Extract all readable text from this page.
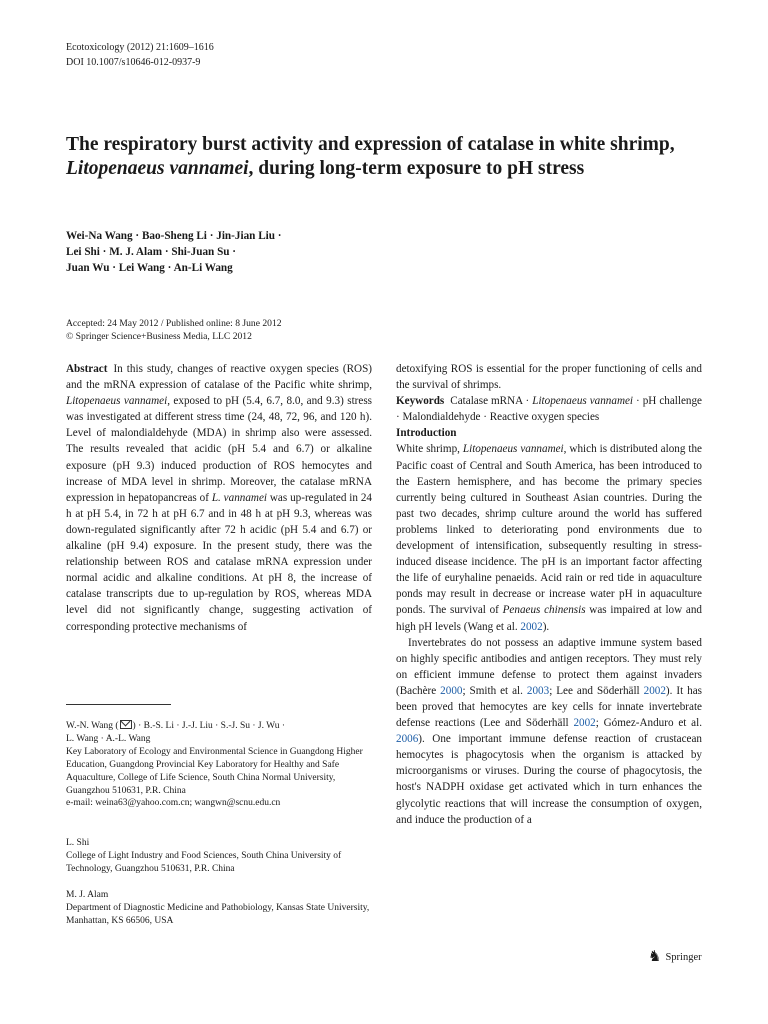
Ecotoxicology (2012) 21:1609–1616
DOI 10.1007/s10646-012-0937-9
The respiratory burst activity and expression of catalase in white shrimp, Litopenaeus vannamei, during long-term exposure to pH stress
Wei-Na Wang · Bao-Sheng Li · Jin-Jian Liu ·
Lei Shi · M. J. Alam · Shi-Juan Su ·
Juan Wu · Lei Wang · An-Li Wang
Accepted: 24 May 2012 / Published online: 8 June 2012
© Springer Science+Business Media, LLC 2012

Abstract In this study, changes of reactive oxygen species (ROS) and the mRNA expression of catalase of the Pacific white shrimp, Litopenaeus vannamei, exposed to pH (5.4, 6.7, 8.0, and 9.3) stress was investigated at different stress time (24, 48, 72, 96, and 120 h). Level of malondialdehyde (MDA) in shrimp also were assessed. The results revealed that acidic (pH 5.4 and 6.7) or alkaline exposure (pH 9.3) induced production of ROS hemocytes and increase of MDA level in shrimp. Moreover, the catalase mRNA expression in hepatopancreas of L. vannamei was up-regulated in 24 h at pH 5.4, in 72 h at pH 6.7 and in 48 h at pH 9.3, whereas was down-regulated significantly after 72 h acidic (pH 5.4 and 6.7) or alkaline (pH 9.4) exposure. In the present study, there was the relationship between ROS and catalase mRNA expression under normal acidic and alkaline conditions. At pH 8, the increase of catalase transcripts due to up-regulation by ROS, whereas MDA level did not significantly change, suggesting activation of corresponding protective mechanisms of

W.-N. Wang ( ) · B.-S. Li · J.-J. Liu · S.-J. Su · J. Wu ·
L. Wang · A.-L. Wang
Key Laboratory of Ecology and Environmental Science in Guangdong Higher Education, Guangdong Provincial Key Laboratory for Healthy and Safe Aquaculture, College of Life Science, South China Normal University,
Guangzhou 510631, P.R. China
e-mail: weina63@yahoo.com.cn; wangwn@scnu.edu.cn
L. Shi
College of Light Industry and Food Sciences, South China University of Technology, Guangzhou 510631, P.R. China
M. J. Alam
Department of Diagnostic Medicine and Pathobiology, Kansas State University, Manhattan, KS 66506, USA

detoxifying ROS is essential for the proper functioning of cells and the survival of shrimps.

Keywords Catalase mRNA · Litopenaeus vannamei · pH challenge · Malondialdehyde · Reactive oxygen species

Introduction

White shrimp, Litopenaeus vannamei, which is distributed along the Pacific coast of Central and South America, has been introduced to the Eastern hemisphere, and has become the primary species currently being cultured in Southeast Asian countries. During the past two decades, shrimp culture around the world has suffered problems linked to deteriorating pond environments due to development of intensification, subsequently resulting in stress-induced disease incidence. The pH is an important factor affecting the life of euryhaline penaeids. Acid rain or red tide in aquaculture ponds may result in decrease or increase water pH in aquaculture ponds. The survival of Penaeus chinensis was impaired at low and high pH levels (Wang et al. 2002).

Invertebrates do not possess an adaptive immune system based on highly specific antibodies and antigen receptors. They must rely on efficient immune defense to protect them against invaders (Bachère 2000; Smith et al. 2003; Lee and Söderhäll 2002). It has been proved that hemocytes are key cells for innate invertebrate defense reactions (Lee and Söderhäll 2002; Gómez-Anduro et al. 2006). One important immune defense reaction of crustacean hemocytes is phagocytosis when the organism is attacked by microorganisms or viruses. During the course of phagocytosis, the host's NADPH oxidase get activated which in turn enhances the glycolytic reactions that will increase the consumption of oxygen, and induce the production of a

♞ Springer
